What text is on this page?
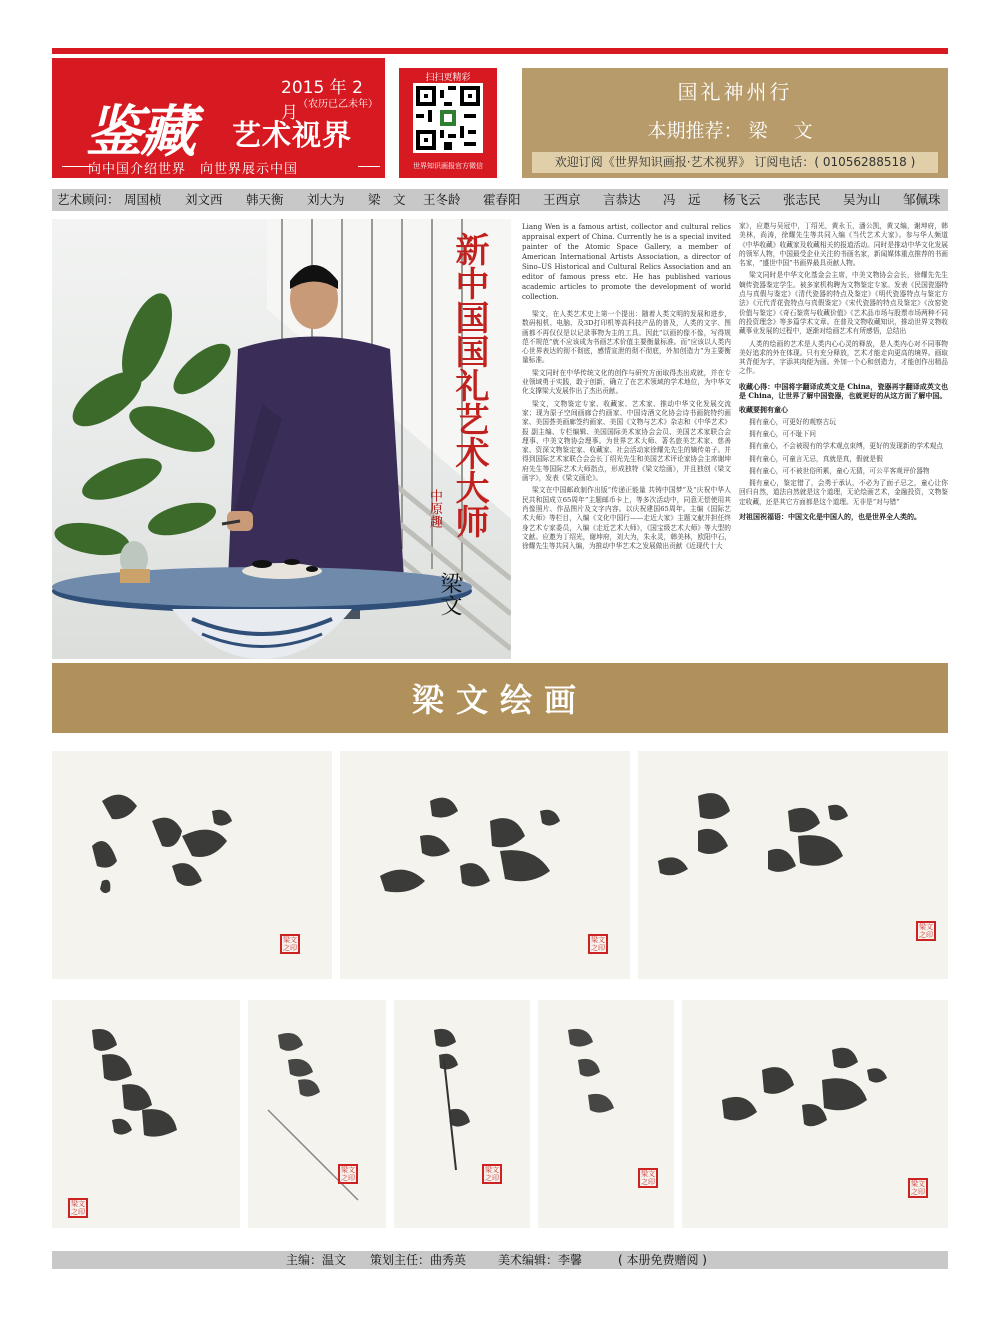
鉴藏 艺术视界
2015 年 2 月 （农历已乙未年）
向中国介绍世界　向世界展示中国
扫扫更精彩
世界知识画报官方微信
国礼神州行
本期推荐： 梁 文
欢迎订阅《世界知识画报·艺术视界》 订阅电话：( 01056288518 )
艺术顾问： 周国桢 刘文西 韩天衡 刘大为 梁　文 王冬龄 霍春阳 王西京 言恭达 冯　远 杨飞云 张志民 吴为山 邹佩珠
中原趣 新中国国礼艺术大师
梁文
Liang Wen is a famous artist, collector and cultural relics appraisal expert of China. Currently he is a special invited painter of the Atomic Space Gallery, a member of American International Artists Association, a director of Sino–US Historical and Cultural Relics Association and an editor of famous press etc. He has published various academic articles to promote the development of world collection.
梁文，在人类艺术史上第一个提出：随着人类文明的发展和进步，数码相机、电脑、及3D打印机等高科技产品的普及，人类的文字、图画都不再仅仅是以记录事物为主的工具。因此“以画的像不像，写得规范不规范”就不应该成为书画艺术价值主要衡量标准。而“应该以人类内心世界表达的彻不彻底，感情宣泄的彻不彻底，外加创造力”为主要衡量标准。
梁文同时在中华传统文化的创作与研究方面取得杰出成就，并在专业领域勇于实践，敢于创新，确立了在艺术领域的学术地位，为中华文化支撑梁大发展作出了杰出贡献。
梁文，文物鉴定专家、收藏家、艺术家、推动中华文化发展交流家；现为原子空间画廊合约画家、中国诗酒文化协会诗书画院特约画家、美国荟美画廊签约画家、美国《文物与艺术》杂志和《中华艺术》报 副主编、专栏编辑、美国国际美术家协会会员、美国艺术家联合会理事、中美文物协会理事。为世界艺术大师、著名旅美艺术家、慈善家、资深文物鉴定家、收藏家、社会活动家徐耀先先生的嫡传弟子。并得到国际艺术家联合会会长丁绍光先生和美国艺术评论家协会主席谢坤府先生等国际艺术大师指点，形成独特《梁文绘画》，并且独创《梁文画字》，发表《梁文画论》。
梁文在中国邮政制作出版“传递正能量 共铸中国梦”及“庆祝中华人民共和国成立65周年”主题邮币卡上，等多次活动中，同意无偿使用其肖像照片、作品图片及文字内容。以庆祝建国65周年。主编《国际艺术大师》等栏目，入编《文化中国行——走近大家》主题文献并担任终身艺术专家委员，入编《走近艺术大师》，《国宝级艺术大师》等大型的文献。应邀为丁绍光，谢坤府，刘大为，朱永灵，韩美林，欧阳中石，徐耀先生等共同入编，为推动中华艺术之发展做出贡献《近现代十大
家》，应邀与吴冠中，丁绍光，黄永玉，潘公凯，黄又编，谢坤府，韩美林，尚涛，徐耀先生等共同入编《当代艺术大家》。参与华人频道《中华收藏》收藏家及收藏相关的报道活动。同时是推动中华文化发展的领军人物，中国最受企业关注的书画名家，新闻媒体重点推荐的书画名家，“盛世中国”书画界最具贡献人物。
梁文同时是中华文化基金会主席，中美文物协会会长，徐耀先先生嫡传瓷器鉴定学生。被多家机构聘为文物鉴定专家。发表《民国瓷器特点与真假与鉴定》《清代瓷器的特点及鉴定》《明代瓷器特点与鉴定方法》《元代青花瓷特点与真假鉴定》《宋代瓷器的特点及鉴定》《汝窑瓷价值与鉴定》《奇石鉴赏与收藏价值》《艺术品市场与股票市场两种不同的投资理念》等多篇学术文章。在普及文物收藏知识，推动世界文物收藏事业发展的过程中，逐渐对绘画艺术有所感悟，总结出
人类的绘画的艺术是人类内心心灵的释放，是人类内心对不同事物美好追求的外在体现。只有充分释放，艺术才能走向更高的境界。画取其背便为字，字添其肉便为画。外加一个心和创造力，才能创作出精品之作。
收藏心得：中国将字翻译成英文是 China，瓷器再字翻译成英文也是 China，让世界了解中国瓷器，也就更好的从这方面了解中国。
收藏要拥有童心
拥有童心，可更好的观察古玩
拥有童心，可不耻下问
拥有童心，不会被现有的学术观点束缚，更好的发现新的学术观点
拥有童心，可童言无忌，真就是真，假就是假
拥有童心，可不被世俗所累，童心无猜，可公平客观评价器物
拥有童心，鉴定错了，会勇于承认，不必为了面子忌之，童心让你回归自然，道法自然就是这个道理，无论绘画艺术，金融投资，文物鉴定收藏，还是其它方面都是这个道理。无非是“对与错”
对祖国祝福语：中国文化是中国人的，也是世界全人类的。
梁文绘画
梁文之印
梁文之印
梁文之印
梁文之印
梁文之印
梁文之印	梁文之印	梁文之印
主编：温文 策划主任：曲秀英	美术编辑：李馨	( 本册免费赠阅 )
